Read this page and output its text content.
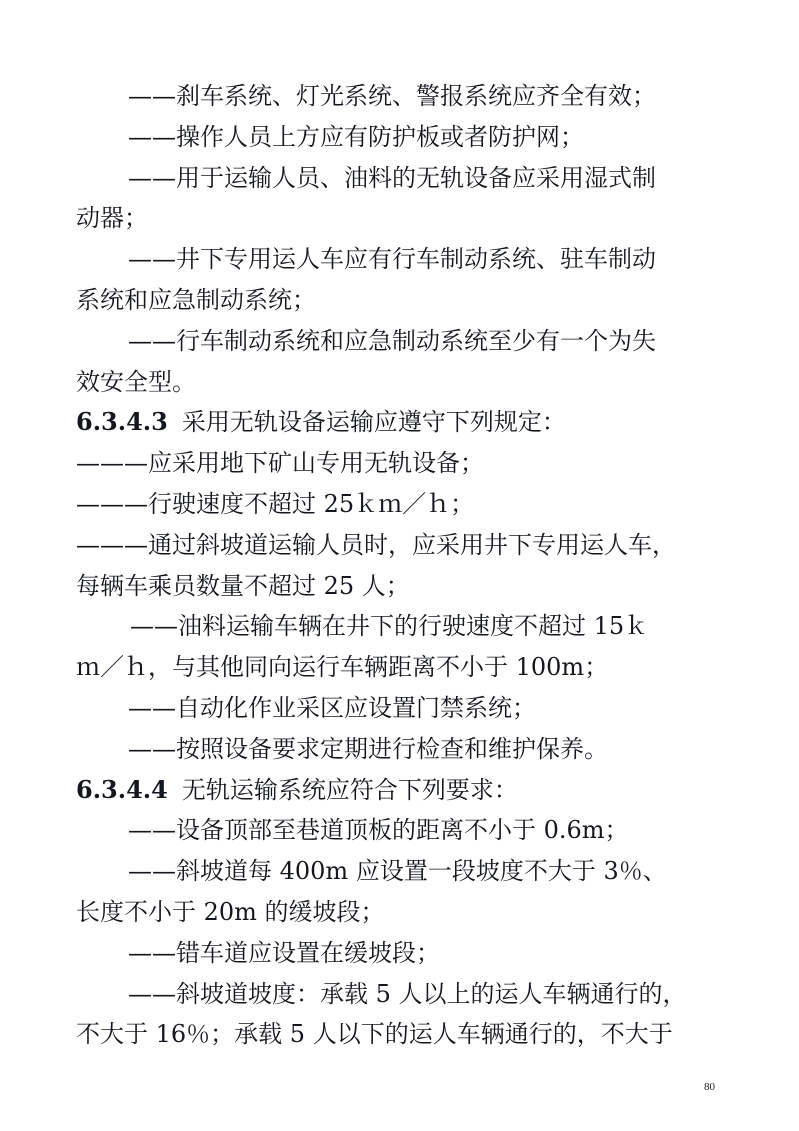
——刹车系统、灯光系统、警报系统应齐全有效；
——操作人员上方应有防护板或者防护网；
——用于运输人员、油料的无轨设备应采用湿式制
动器；
——井下专用运人车应有行车制动系统、驻车制动
系统和应急制动系统；
——行车制动系统和应急制动系统至少有一个为失
效安全型。
6.3.4.3 采用无轨设备运输应遵守下列规定：
———应采用地下矿山专用无轨设备；
———行驶速度不超过 25ｋｍ／ｈ；
———通过斜坡道运输人员时，应采用井下专用运人车，
每辆车乘员数量不超过 25 人；
——油料运输车辆在井下的行驶速度不超过 15ｋ
ｍ／ｈ，与其他同向运行车辆距离不小于 100m；
——自动化作业采区应设置门禁系统；
——按照设备要求定期进行检查和维护保养。
6.3.4.4 无轨运输系统应符合下列要求：
——设备顶部至巷道顶板的距离不小于 0.6m；
——斜坡道每 400m 应设置一段坡度不大于 3％、
长度不小于 20m 的缓坡段；
——错车道应设置在缓坡段；
——斜坡道坡度：承载 5 人以上的运人车辆通行的，
不大于 16％；承载 5 人以下的运人车辆通行的，不大于
80
